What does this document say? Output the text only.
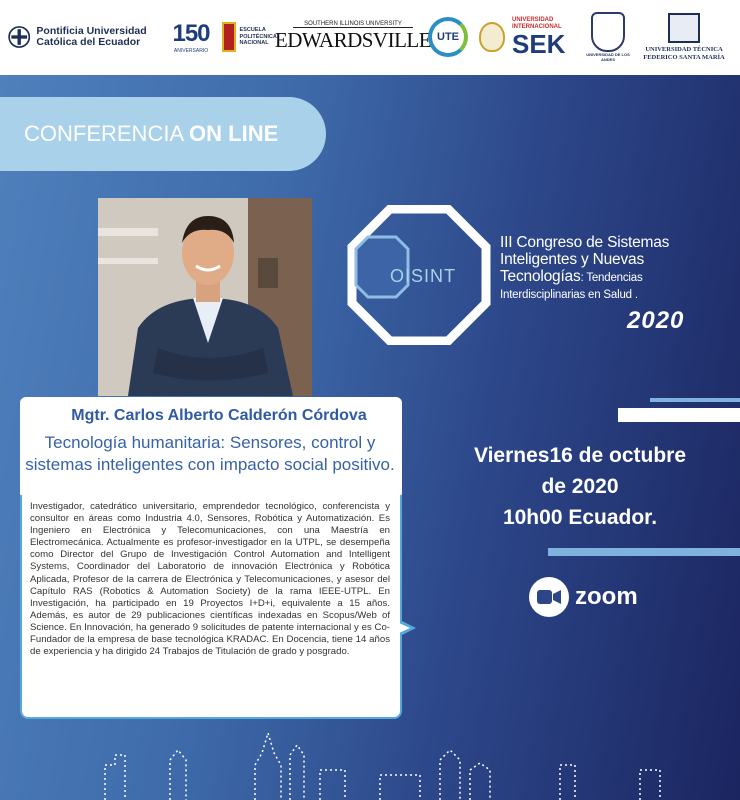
Pontificia Universidad Católica del Ecuador	150
ANIVERSARIO
ESCUELA POLITÉCNICA NACIONAL
SOUTHERN ILLINOIS UNIVERSITY
EDWARDSVILLE UTE
UNIVERSIDAD INTERNACIONAL
SEK	UNIVERSIDAD DE LOS ANDES
UNIVERSIDAD TÉCNICA FEDERICO SANTA MARÍA
CONFERENCIA ON LINE
Mgtr. Carlos Alberto Calderón Córdova
Tecnología humanitaria: Sensores, control y sistemas inteligentes con impacto social positivo.
Investigador, catedrático universitario, emprendedor tecnológico, conferencista y consultor en áreas como Industria 4.0, Sensores, Robótica y Automatización. Es Ingeniero en Electrónica y Telecomunicaciones, con una Maestría en Electromecánica. Actualmente es profesor-investigador en la UTPL, se desempeña como Director del Grupo de Investigación Control Automation and Intelligent Systems, Coordinador del Laboratorio de innovación Electrónica y Robótica Aplicada, Profesor de la carrera de Electrónica y Telecomunicaciones, y asesor del Capítulo RAS (Robotics & Automation Society) de la rama IEEE-UTPL. En Investigación, ha participado en 19 Proyectos I+D+i, equivalente a 15 años. Además, es autor de 29 publicaciones científicas indexadas en Scopus/Web of Science. En Innovación, ha generado 9 solicitudes de patente internacional y es Co-Fundador de la empresa de base tecnológica KRADAC. En Docencia, tiene 14 años de experiencia y ha dirigido 24 Trabajos de Titulación de grado y posgrado.
OISINT
III Congreso de Sistemas
Inteligentes y Nuevas
Tecnologías: Tendencias
Interdisciplinarias en Salud .
2020
Viernes16 de octubre
de 2020
10h00 Ecuador.
zoom
